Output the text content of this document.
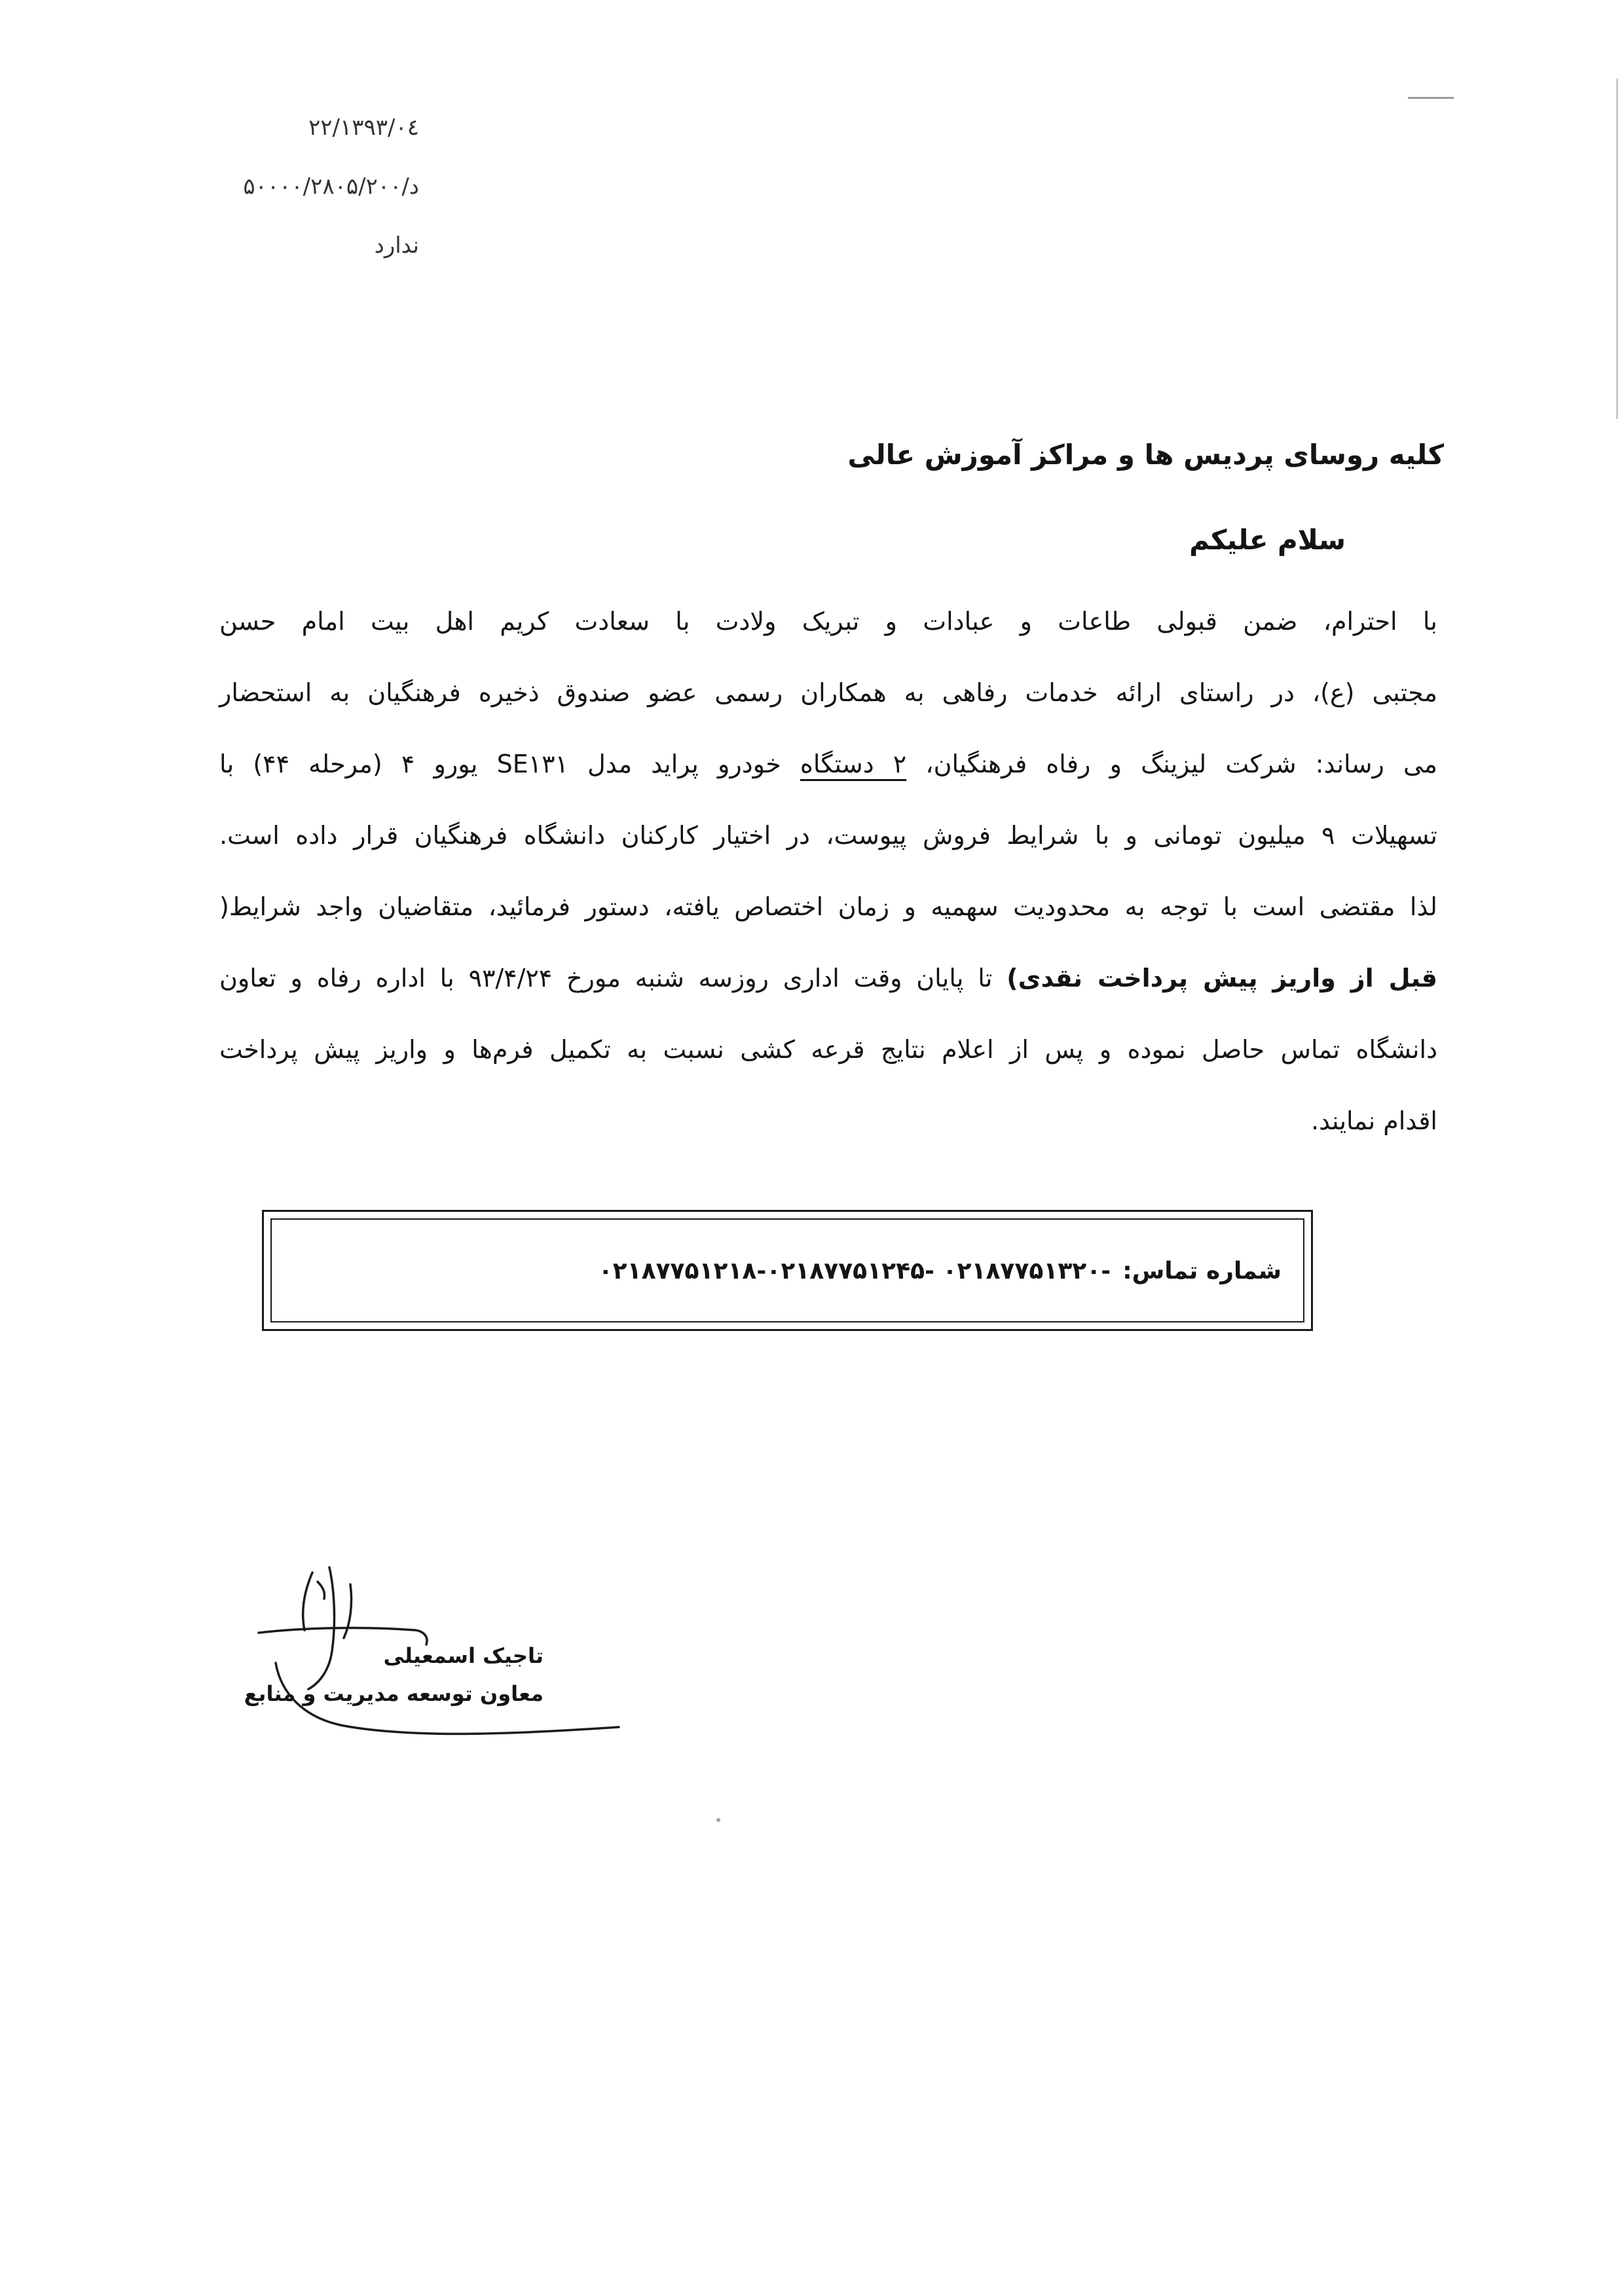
۱۳۹۳/۰٤/۲۲
د/۵۰۰۰۰/۲۸۰۵/۲۰۰
ندارد
کلیه روسای پردیس ها و مراکز آموزش عالی
سلام علیکم
با احترام، ضمن قبولی طاعات و عبادات و تبریک ولادت با سعادت کریم اهل بیت امام حسن
مجتبی (ع)، در راستای ارائه خدمات رفاهی به همکاران رسمی عضو صندوق ذخیره فرهنگیان به استحضار
می رساند: شرکت لیزینگ و رفاه فرهنگیان، ۲ دستگاه خودرو پراید مدل SE۱۳۱ یورو ۴ (مرحله ۴۴) با
تسهیلات ۹ میلیون تومانی و با شرایط فروش پیوست، در اختیار کارکنان دانشگاه فرهنگیان قرار داده است.
لذا مقتضی است با توجه به محدودیت سهمیه و زمان اختصاص یافته، دستور فرمائید، متقاضیان واجد شرایط(
قبل از واریز پیش پرداخت نقدی) تا پایان وقت اداری روزسه شنبه مورخ ۹۳/۴/۲۴ با اداره رفاه و تعاون
دانشگاه تماس حاصل نموده و پس از اعلام نتایج قرعه کشی نسبت به تکمیل فرم‌ها و واریز پیش پرداخت
اقدام نمایند.
شماره تماس:-۰۲۱۸۷۷۵۱۳۲۰ -۰۲۱۸۷۷۵۱۲۴۵-۰۲۱۸۷۷۵۱۲۱۸
تاجیک اسمعیلی
معاون توسعه مدیریت و منابع
